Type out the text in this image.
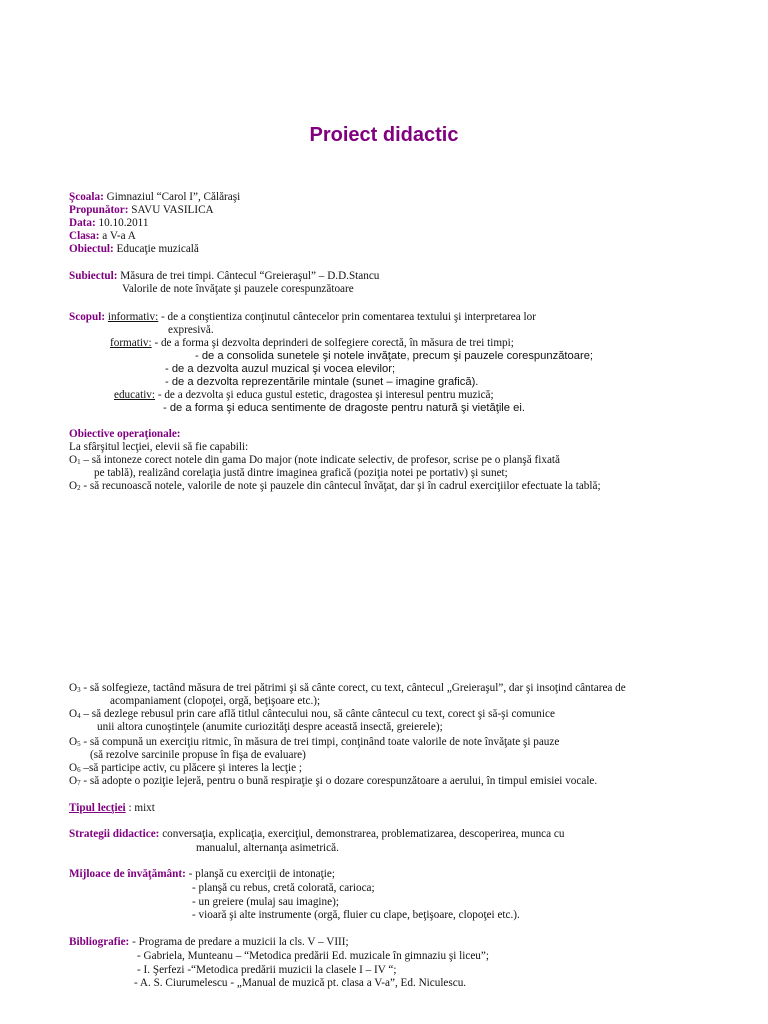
Proiect didactic
Şcoala: Gimnaziul “Carol I”, Călăraşi
Propunător: SAVU VASILICA
Data: 10.10.2011
Clasa: a V-a A
Obiectul: Educaţie muzicală
Subiectul: Măsura de trei timpi. Cântecul “Greieraşul” – D.D.Stancu
Valorile de note învăţate şi pauzele corespunzătoare
Scopul: informativ: - de a conştientiza conţinutul cântecelor prin comentarea textului şi interpretarea lor
expresivă.
formativ: - de a forma şi dezvolta deprinderi de solfegiere corectă, în măsura de trei timpi;
- de a consolida sunetele şi notele invăţate, precum şi pauzele corespunzătoare;
- de a dezvolta auzul muzical şi vocea elevilor;
- de a dezvolta reprezentările mintale (sunet – imagine grafică).
educativ: - de a dezvolta şi educa gustul estetic, dragostea şi interesul pentru muzică;
- de a forma şi educa sentimente de dragoste pentru natură şi vietăţile ei.
Obiective operaţionale:
La sfârşitul lecţiei, elevii să fie capabili:
O1 – să intoneze corect notele din gama Do major (note indicate selectiv, de profesor, scrise pe o planşă fixată
pe tablă), realizând corelaţia justă dintre imaginea grafică (poziţia notei pe portativ) şi sunet;
O2 - să recunoască notele, valorile de note şi pauzele din cântecul învăţat, dar şi în cadrul exerciţiilor efectuate la tablă;
O3 - să solfegieze, tactând măsura de trei pătrimi şi să cânte corect, cu text, cântecul „Greieraşul”, dar şi insoţind cântarea de
acompaniament (clopoţei, orgă, beţişoare etc.);
O4 – să dezlege rebusul prin care află titlul cântecului nou, să cânte cântecul cu text, corect şi să-şi comunice
unii altora cunoştinţele (anumite curiozităţi despre această insectă, greierele);
O5 - să compună un exerciţiu ritmic, în măsura de trei timpi, conţinând toate valorile de note învăţate şi pauze
(să rezolve sarcinile propuse în fişa de evaluare)
O6 –să participe activ, cu plăcere şi interes la lecţie ;
O7 - să adopte o poziţie lejeră, pentru o bună respiraţie şi o dozare corespunzătoare a aerului, în timpul emisiei vocale.
Tipul lecţiei : mixt
Strategii didactice: conversaţia, explicaţia, exerciţiul, demonstrarea, problematizarea, descoperirea, munca cu
manualul, alternanţa asimetrică.
Mijloace de învăţământ: - planşă cu exerciţii de intonaţie;
- planşă cu rebus, cretă colorată, carioca;
- un greiere (mulaj sau imagine);
- vioară şi alte instrumente (orgă, fluier cu clape, beţişoare, clopoţei etc.).
Bibliografie: - Programa de predare a muzicii la cls. V – VIII;
- Gabriela, Munteanu – “Metodica predării Ed. muzicale în gimnaziu şi liceu”;
- I. Şerfezi -“Metodica predării muzicii la clasele I – IV “;
- A. S. Ciurumelescu - „Manual de muzică pt. clasa a V-a”, Ed. Niculescu.
